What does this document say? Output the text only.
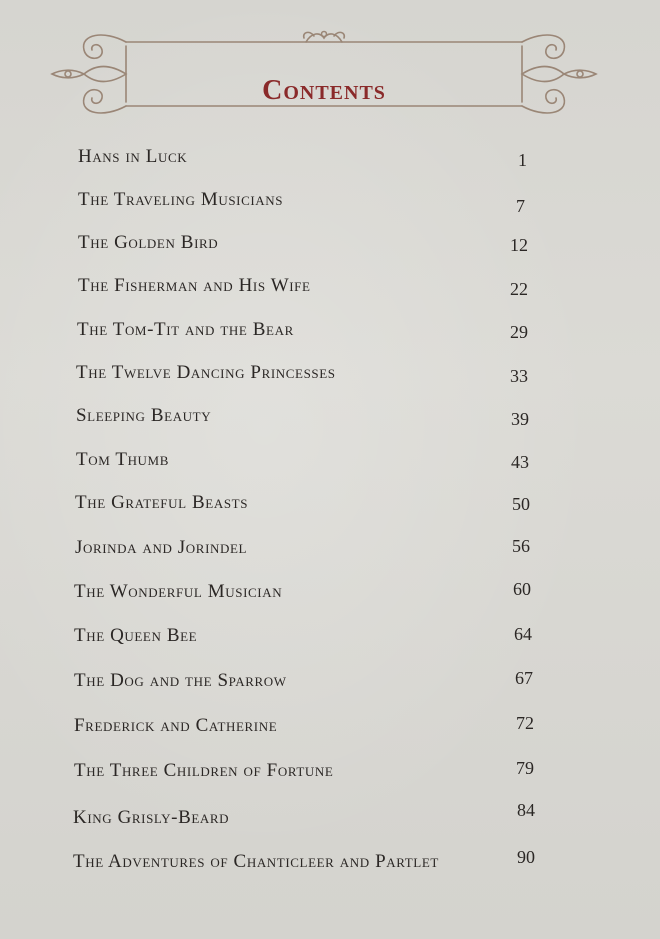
Contents
Hans in Luck	1
The Traveling Musicians	7
The Golden Bird	12
The Fisherman and His Wife	22
The Tom-Tit and the Bear	29
The Twelve Dancing Princesses	33
Sleeping Beauty	39
Tom Thumb	43
The Grateful Beasts	50
Jorinda and Jorindel	56
The Wonderful Musician	60
The Queen Bee	64
The Dog and the Sparrow	67
Frederick and Catherine	72
The Three Children of Fortune	79
King Grisly-Beard	84
The Adventures of Chanticleer and Partlet	90
